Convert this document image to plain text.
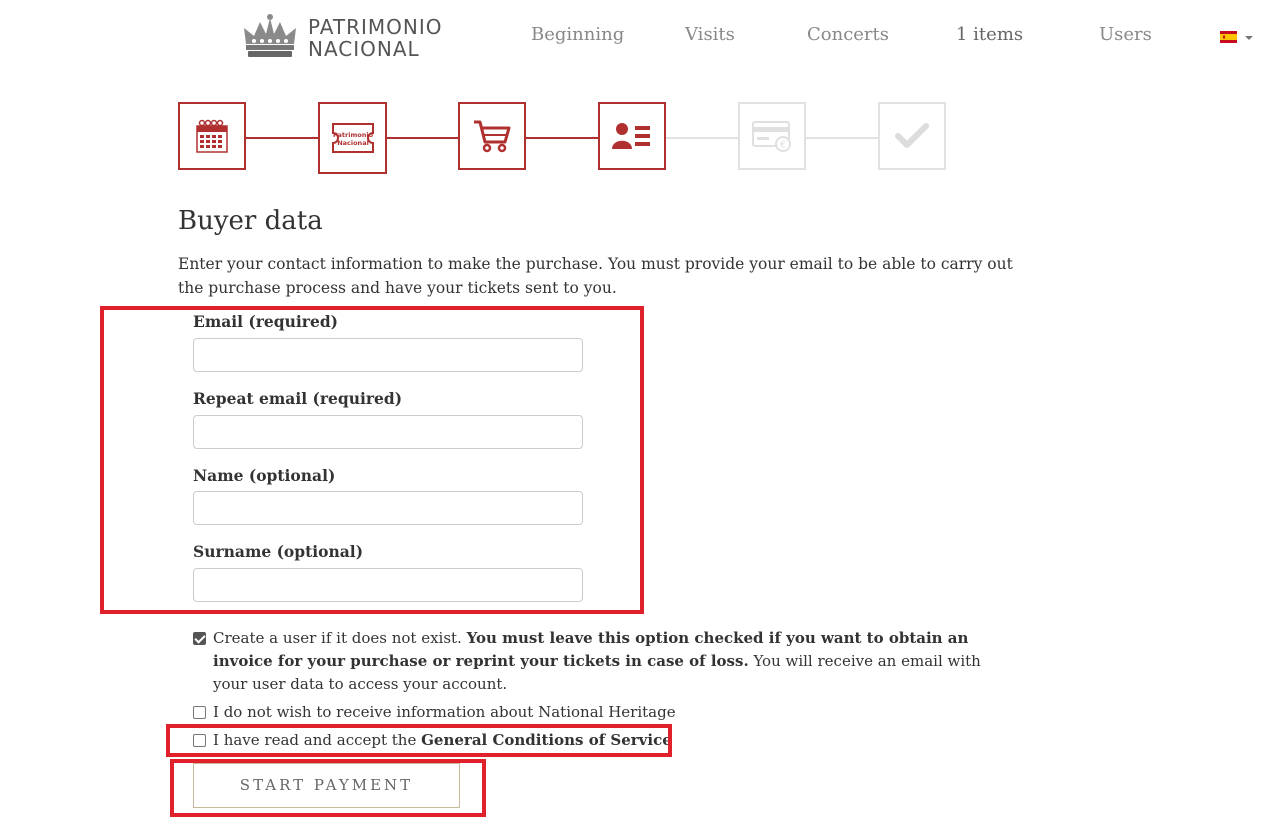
PATRIMONIO
NACIONAL
Beginning	Visits	Concerts	1 items	Users
Patrimonio
Nacional	€
Buyer data

Enter your contact information to make the purchase. You must provide your email to be able to carry out the purchase process and have your tickets sent to you.

Email (required)
Repeat email (required)
Name (optional)
Surname (optional)
Create a user if it does not exist. You must leave this option checked if you want to obtain an invoice for your purchase or reprint your tickets in case of loss. You will receive an email with your user data to access your account.
I do not wish to receive information about National Heritage
I have read and accept the General Conditions of Service
START PAYMENT
